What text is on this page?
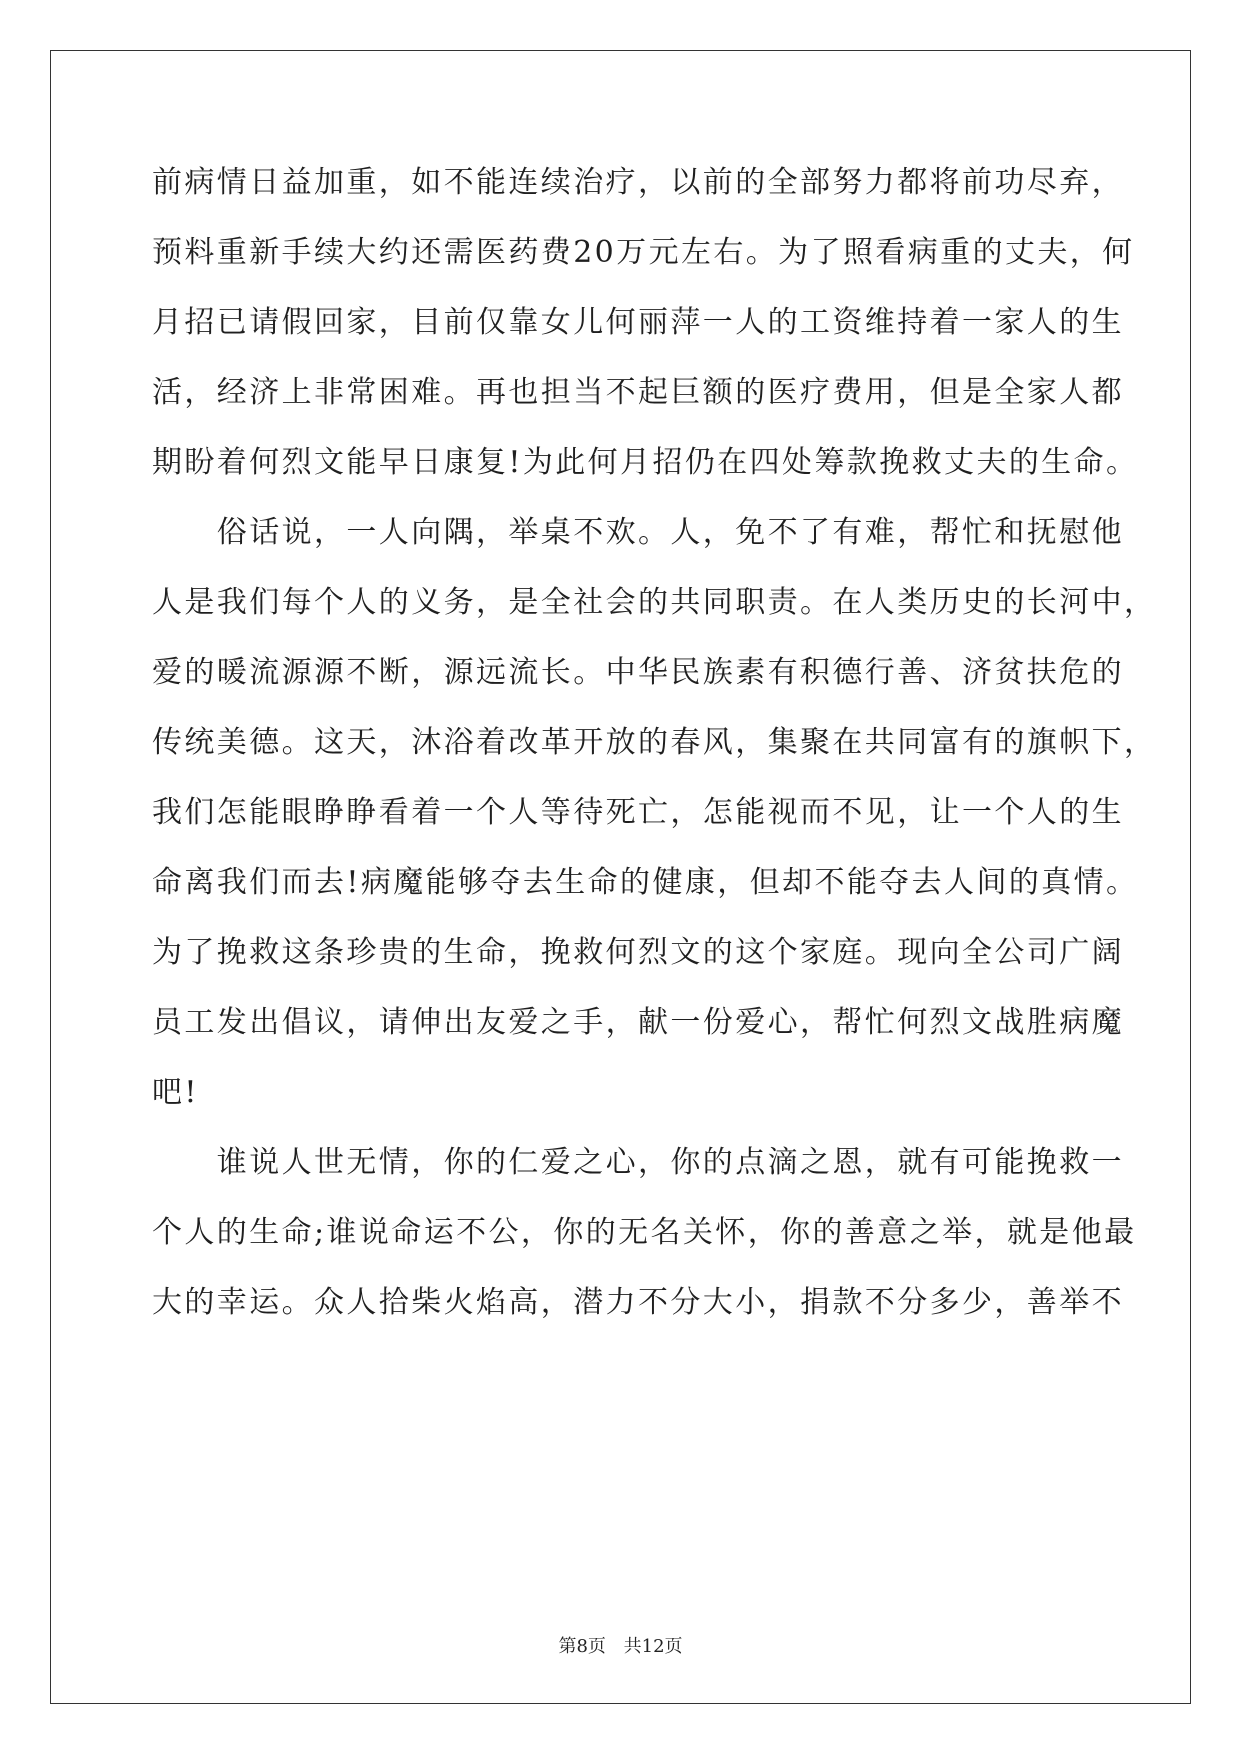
前病情日益加重，如不能连续治疗，以前的全部努力都将前功尽弃，
预料重新手续大约还需医药费20万元左右。为了照看病重的丈夫，何
月招已请假回家，目前仅靠女儿何丽萍一人的工资维持着一家人的生
活，经济上非常困难。再也担当不起巨额的医疗费用，但是全家人都
期盼着何烈文能早日康复!为此何月招仍在四处筹款挽救丈夫的生命。
　　俗话说，一人向隅，举桌不欢。人，免不了有难，帮忙和抚慰他
人是我们每个人的义务，是全社会的共同职责。在人类历史的长河中，
爱的暖流源源不断，源远流长。中华民族素有积德行善、济贫扶危的
传统美德。这天，沐浴着改革开放的春风，集聚在共同富有的旗帜下，
我们怎能眼睁睁看着一个人等待死亡，怎能视而不见，让一个人的生
命离我们而去!病魔能够夺去生命的健康，但却不能夺去人间的真情。
为了挽救这条珍贵的生命，挽救何烈文的这个家庭。现向全公司广阔
员工发出倡议，请伸出友爱之手，献一份爱心，帮忙何烈文战胜病魔
吧!
　　谁说人世无情，你的仁爱之心，你的点滴之恩，就有可能挽救一
个人的生命;谁说命运不公，你的无名关怀，你的善意之举，就是他最
大的幸运。众人拾柴火焰高，潜力不分大小，捐款不分多少，善举不
第8页 共12页
